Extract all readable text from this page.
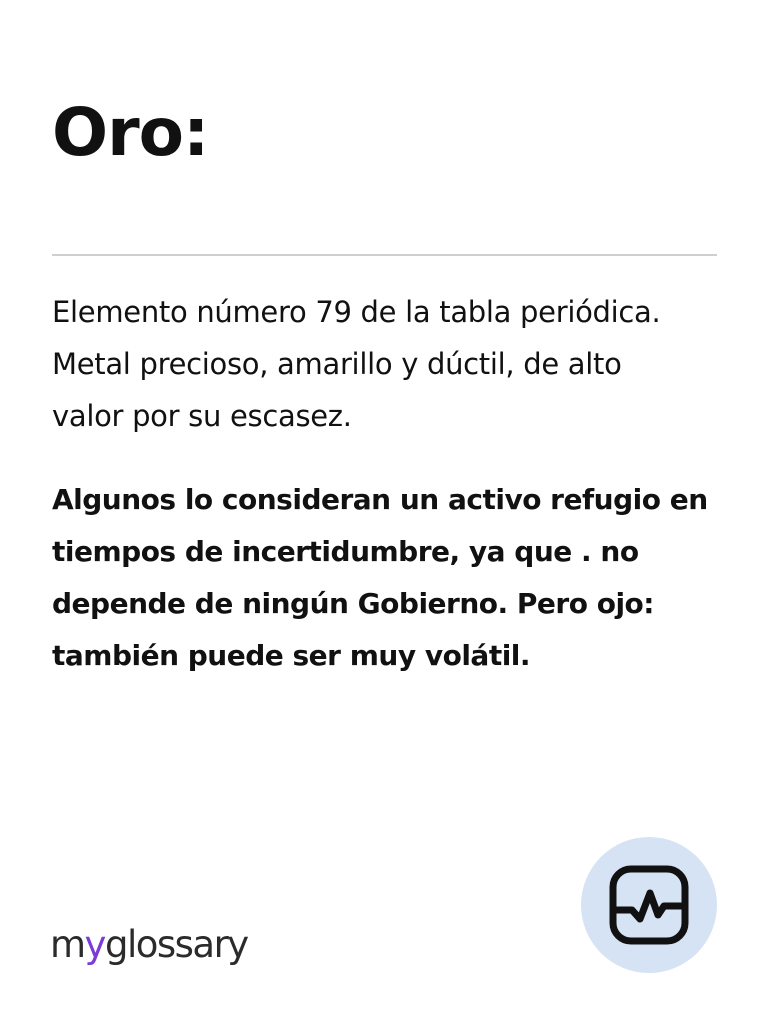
Oro:

Elemento número 79 de la tabla periódica. Metal precioso, amarillo y dúctil, de alto valor por su escasez.

Algunos lo consideran un activo refugio en tiempos de incertidumbre, ya que . no depende de ningún Gobierno. Pero ojo: también puede ser muy volátil.

myglossary
